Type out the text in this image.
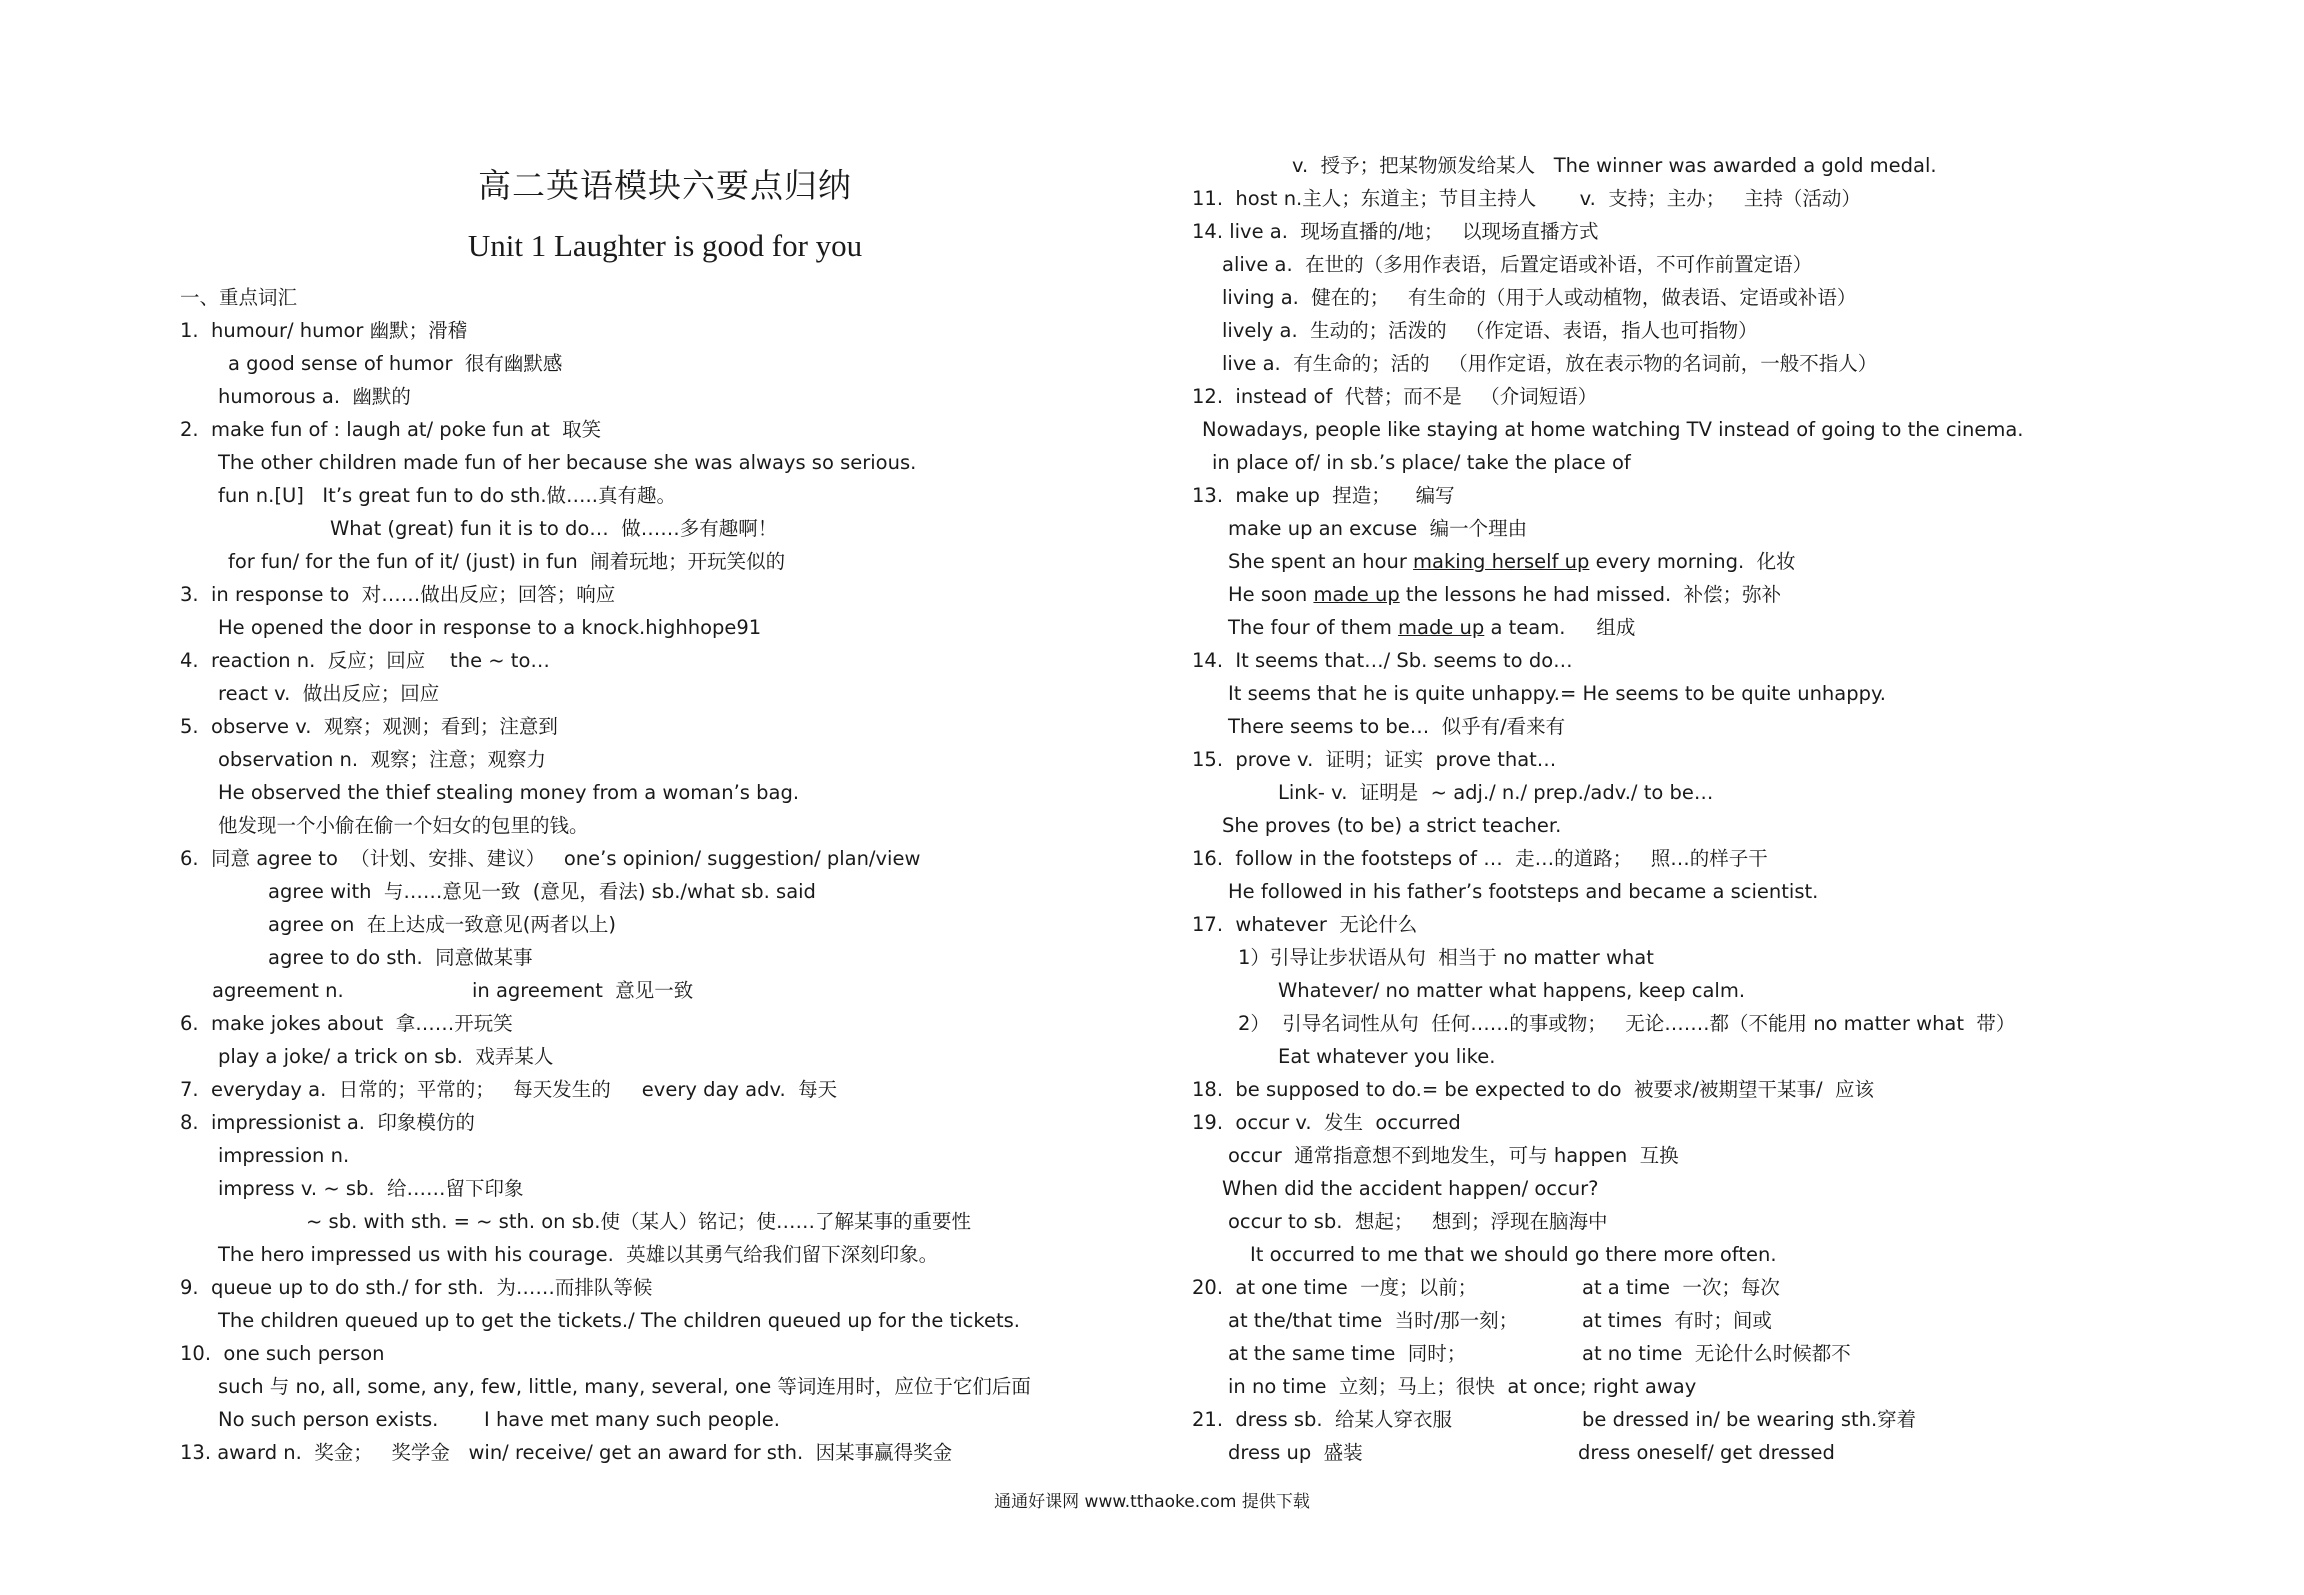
高二英语模块六要点归纳
Unit 1 Laughter is good for you
一、重点词汇
1.  humour/ humor 幽默；滑稽
a good sense of humor  很有幽默感
humorous a.  幽默的
2.  make fun of : laugh at/ poke fun at  取笑
The other children made fun of her because she was always so serious.
fun n.[U]   It’s great fun to do sth.做…..真有趣。
What (great) fun it is to do…  做……多有趣啊！
for fun/ for the fun of it/ (just) in fun  闹着玩地；开玩笑似的
3.  in response to  对……做出反应；回答；响应
He opened the door in response to a knock.highhope91
4.  reaction n.  反应；回应    the ~ to…
react v.  做出反应；回应
5.  observe v.  观察；观测；看到；注意到
observation n.  观察；注意；观察力
He observed the thief stealing money from a woman’s bag.
他发现一个小偷在偷一个妇女的包里的钱。
6.  同意 agree to  （计划、安排、建议）   one’s opinion/ suggestion/ plan/view
agree with  与……意见一致  (意见，看法) sb./what sb. said
agree on  在上达成一致意见(两者以上)
agree to do sth.  同意做某事
agreement n.	in agreement  意见一致
6.  make jokes about  拿……开玩笑
play a joke/ a trick on sb.  戏弄某人
7.  everyday a.  日常的；平常的；   每天发生的     every day adv.  每天
8.  impressionist a.  印象模仿的
impression n.
impress v. ~ sb.  给……留下印象
~ sb. with sth. = ~ sth. on sb.使（某人）铭记；使……了解某事的重要性
The hero impressed us with his courage.  英雄以其勇气给我们留下深刻印象。
9.  queue up to do sth./ for sth.  为……而排队等候
The children queued up to get the tickets./ The children queued up for the tickets.
10.  one such person
such 与 no, all, some, any, few, little, many, several, one 等词连用时，应位于它们后面
No such person exists. I have met many such people.
13. award n.  奖金；   奖学金   win/ receive/ get an award for sth.  因某事赢得奖金
v.  授予；把某物颁发给某人   The winner was awarded a gold medal.
11.  host n.主人；东道主；节目主持人       v.  支持；主办；   主持（活动）
14. live a.  现场直播的/地；   以现场直播方式
alive a.  在世的（多用作表语，后置定语或补语，不可作前置定语）
living a.  健在的；   有生命的（用于人或动植物，做表语、定语或补语）
lively a.  生动的；活泼的   （作定语、表语，指人也可指物）
live a.  有生命的；活的   （用作定语，放在表示物的名词前，一般不指人）
12.  instead of  代替；而不是   （介词短语）
Nowadays, people like staying at home watching TV instead of going to the cinema.
in place of/ in sb.’s place/ take the place of
13.  make up  捏造；    编写
make up an excuse  编一个理由
She spent an hour making herself up every morning.  化妆
He soon made up the lessons he had missed.  补偿；弥补
The four of them made up a team.     组成
14.  It seems that…/ Sb. seems to do…
It seems that he is quite unhappy.= He seems to be quite unhappy.
There seems to be…  似乎有/看来有
15.  prove v.  证明；证实  prove that…
Link- v.  证明是  ~ adj./ n./ prep./adv./ to be…
She proves (to be) a strict teacher.
16.  follow in the footsteps of …  走…的道路；   照…的样子干
He followed in his father’s footsteps and became a scientist.
17.  whatever  无论什么
1）引导让步状语从句  相当于 no matter what
Whatever/ no matter what happens, keep calm.
2）  引导名词性从句  任何……的事或物；   无论…….都（不能用 no matter what  带）
Eat whatever you like.
18.  be supposed to do.= be expected to do  被要求/被期望干某事/  应该
19.  occur v.  发生  occurred
occur  通常指意想不到地发生，可与 happen  互换
When did the accident happen/ occur?
occur to sb.  想起；   想到；浮现在脑海中
It occurred to me that we should go there more often.
20.  at one time  一度；以前；	at a time  一次；每次
at the/that time  当时/那一刻；	at times  有时；间或
at the same time  同时；	at no time  无论什么时候都不
in no time  立刻；马上；很快  at once; right away
21.  dress sb.  给某人穿衣服	be dressed in/ be wearing sth.穿着
dress up  盛装	dress oneself/ get dressed
通通好课网 www.tthaoke.com 提供下载
